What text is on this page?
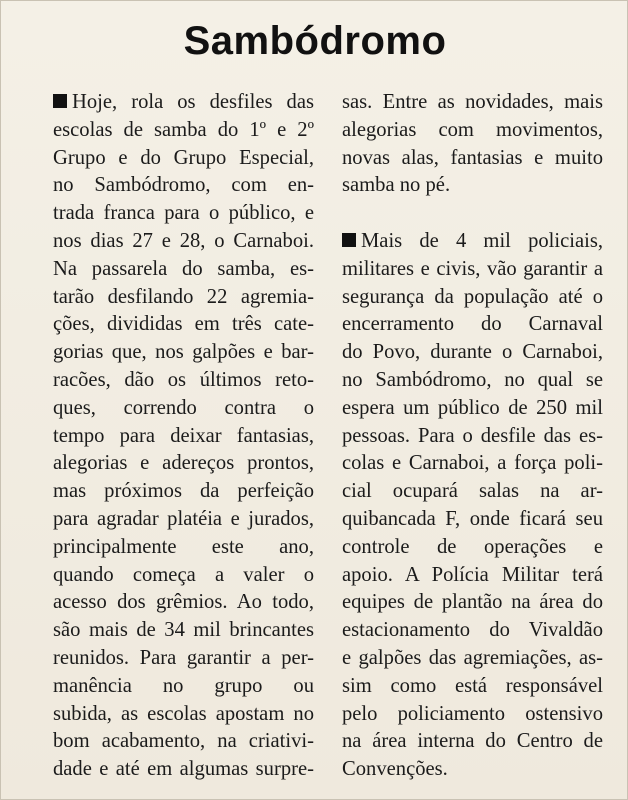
Sambódromo
Hoje, rola os desfiles das
escolas de samba do 1º e 2º
Grupo e do Grupo Especial,
no Sambódromo, com en-
trada franca para o público, e
nos dias 27 e 28, o Carnaboi.
Na passarela do samba, es-
tarão desfilando 22 agremia-
ções, divididas em três cate-
gorias que, nos galpões e bar-
racões, dão os últimos reto-
ques, correndo contra o
tempo para deixar fantasias,
alegorias e adereços prontos,
mas próximos da perfeição
para agradar platéia e jurados,
principalmente este ano,
quando começa a valer o
acesso dos grêmios. Ao todo,
são mais de 34 mil brincantes
reunidos. Para garantir a per-
manência no grupo ou
subida, as escolas apostam no
bom acabamento, na criativi-
dade e até em algumas surpre-
sas. Entre as novidades, mais
alegorias com movimentos,
novas alas, fantasias e muito
samba no pé.
Mais de 4 mil policiais,
militares e civis, vão garantir a
segurança da população até o
encerramento do Carnaval
do Povo, durante o Carnaboi,
no Sambódromo, no qual se
espera um público de 250 mil
pessoas. Para o desfile das es-
colas e Carnaboi, a força poli-
cial ocupará salas na ar-
quibancada F, onde ficará seu
controle de operações e
apoio. A Polícia Militar terá
equipes de plantão na área do
estacionamento do Vivaldão
e galpões das agremiações, as-
sim como está responsável
pelo policiamento ostensivo
na área interna do Centro de
Convenções.
